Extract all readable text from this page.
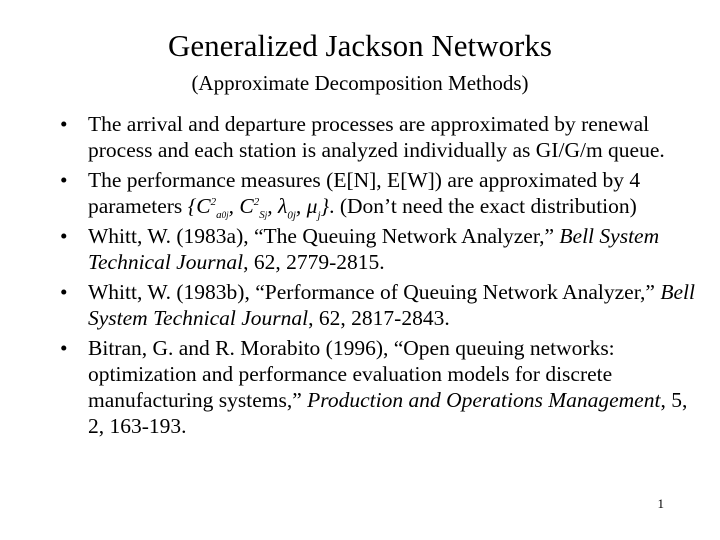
Generalized Jackson Networks
(Approximate Decomposition Methods)
• The arrival and departure processes are approximated by renewal process and each station is analyzed individually as GI/G/m queue.
• The performance measures (E[N], E[W]) are approximated by 4 parameters {$C^2_{a0j}$, $C^2_{Sj}$, $\lambda_{0j}$, $\mu_j$}. (Don’t need the exact distribution)
• Whitt, W. (1983a), “The Queuing Network Analyzer,” Bell System Technical Journal, 62, 2779-2815.
• Whitt, W. (1983b), “Performance of Queuing Network Analyzer,” Bell System Technical Journal, 62, 2817-2843.
• Bitran, G. and R. Morabito (1996), “Open queuing networks: optimization and performance evaluation models for discrete manufacturing systems,” Production and Operations Management, 5, 2, 163-193.
1
